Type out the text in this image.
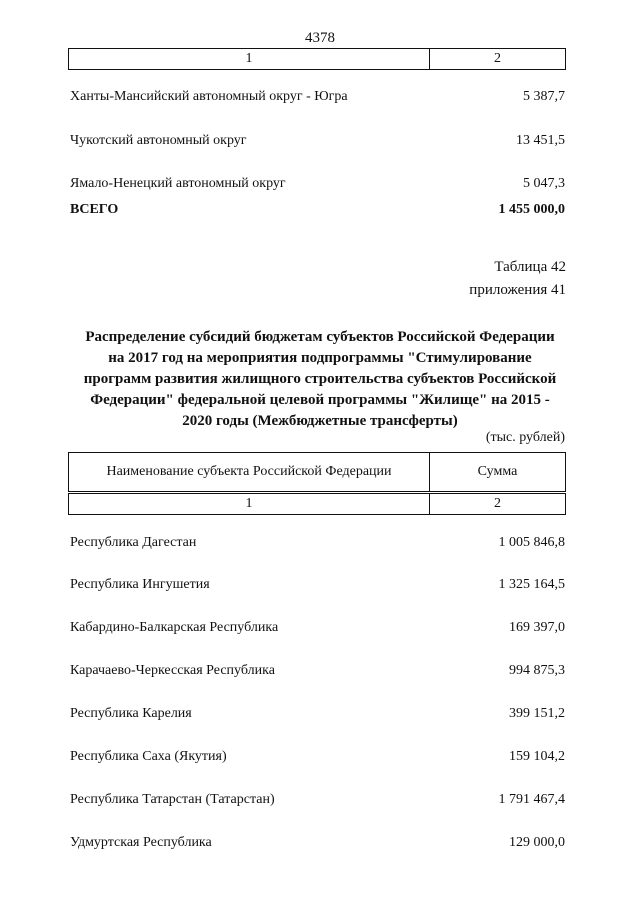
4378
1	2
Ханты-Мансийский автономный округ - Югра	5 387,7
Чукотский автономный округ	13 451,5
Ямало-Ненецкий автономный округ	5 047,3
ВСЕГО	1 455 000,0
Таблица 42
приложения 41
Распределение субсидий бюджетам субъектов Российской Федерации
на 2017 год на мероприятия подпрограммы "Стимулирование
программ развития жилищного строительства субъектов Российской
Федерации" федеральной целевой программы "Жилище" на 2015 -
2020 годы (Межбюджетные трансферты)
(тыс. рублей)
Наименование субъекта Российской Федерации	Сумма
1	2
Республика Дагестан	1 005 846,8
Республика Ингушетия	1 325 164,5
Кабардино-Балкарская Республика	169 397,0
Карачаево-Черкесская Республика	994 875,3
Республика Карелия	399 151,2
Республика Саха (Якутия)	159 104,2
Республика Татарстан (Татарстан)	1 791 467,4
Удмуртская Республика	129 000,0
